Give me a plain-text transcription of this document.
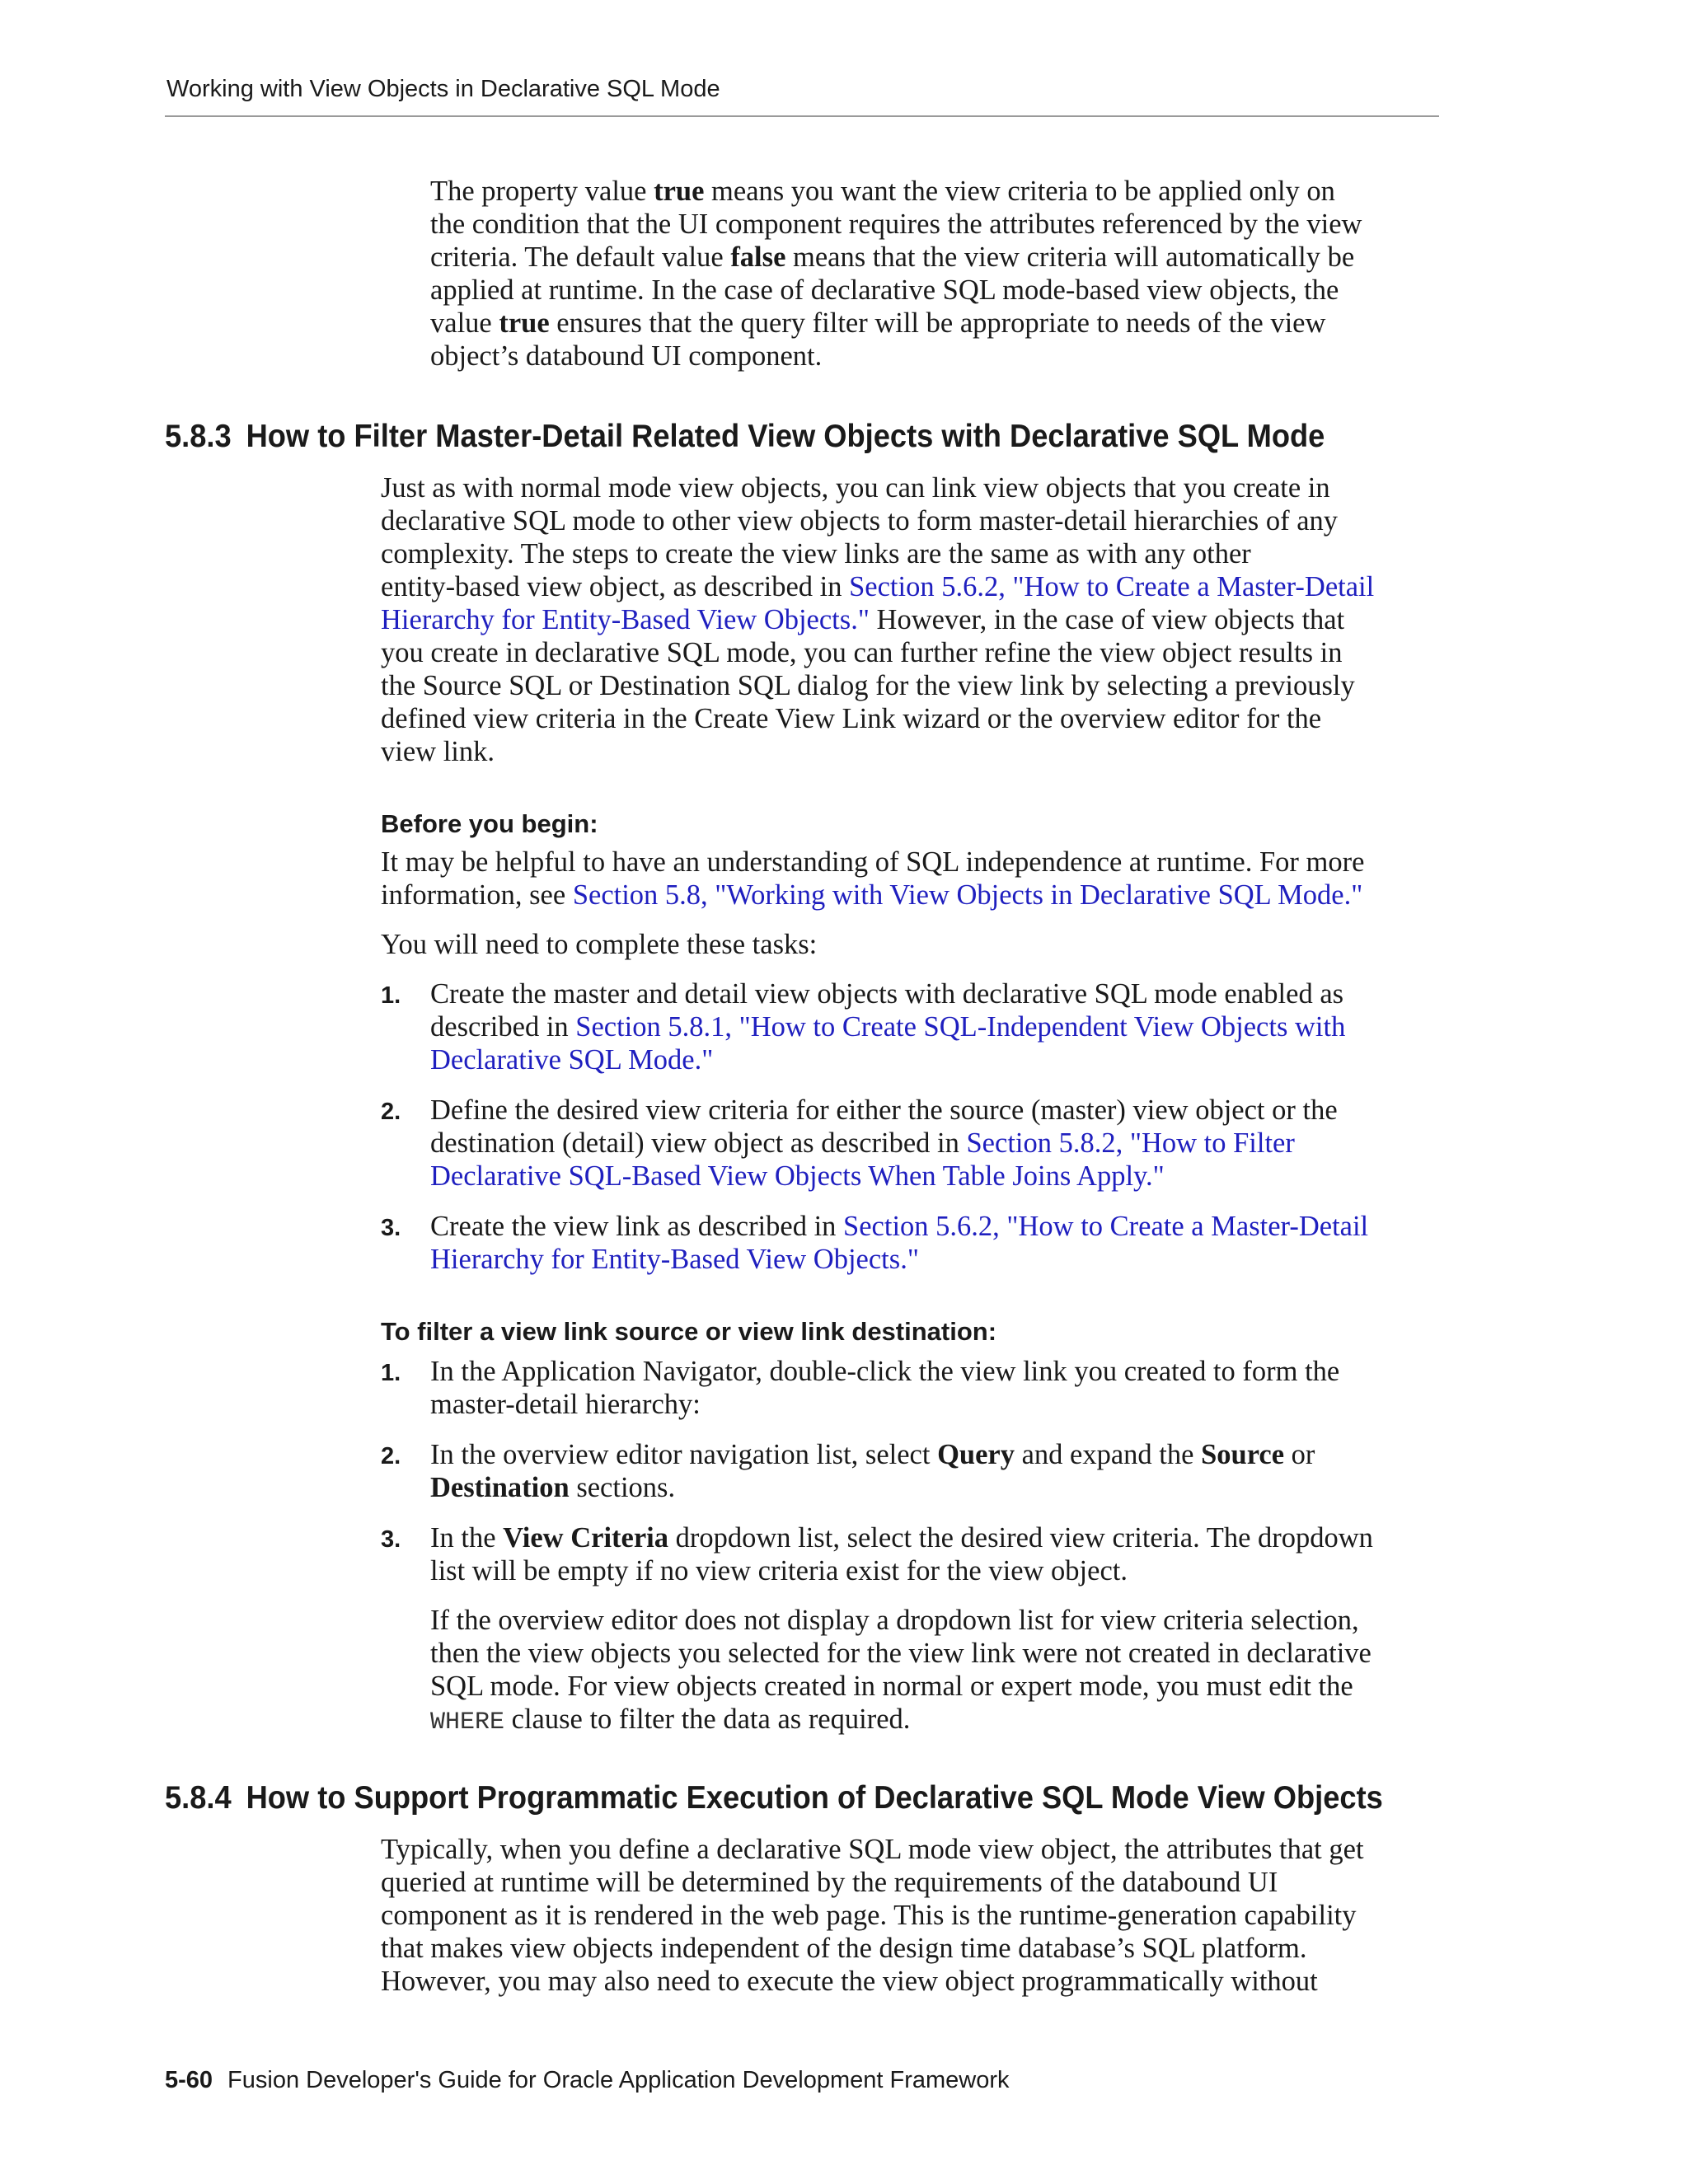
Working with View Objects in Declarative SQL Mode
The property value true means you want the view criteria to be applied only on
the condition that the UI component requires the attributes referenced by the view
criteria. The default value false means that the view criteria will automatically be
applied at runtime. In the case of declarative SQL mode-based view objects, the
value true ensures that the query filter will be appropriate to needs of the view
object’s databound UI component.
5.8.3 How to Filter Master-Detail Related View Objects with Declarative SQL Mode
Just as with normal mode view objects, you can link view objects that you create in
declarative SQL mode to other view objects to form master-detail hierarchies of any
complexity. The steps to create the view links are the same as with any other
entity-based view object, as described in Section 5.6.2, "How to Create a Master-Detail
Hierarchy for Entity-Based View Objects." However, in the case of view objects that
you create in declarative SQL mode, you can further refine the view object results in
the Source SQL or Destination SQL dialog for the view link by selecting a previously
defined view criteria in the Create View Link wizard or the overview editor for the
view link.
Before you begin:
It may be helpful to have an understanding of SQL independence at runtime. For more
information, see Section 5.8, "Working with View Objects in Declarative SQL Mode."
You will need to complete these tasks:
1. Create the master and detail view objects with declarative SQL mode enabled as
described in Section 5.8.1, "How to Create SQL-Independent View Objects with
Declarative SQL Mode."
2. Define the desired view criteria for either the source (master) view object or the
destination (detail) view object as described in Section 5.8.2, "How to Filter
Declarative SQL-Based View Objects When Table Joins Apply."
3. Create the view link as described in Section 5.6.2, "How to Create a Master-Detail
Hierarchy for Entity-Based View Objects."
To filter a view link source or view link destination:
1. In the Application Navigator, double-click the view link you created to form the
master-detail hierarchy:
2. In the overview editor navigation list, select Query and expand the Source or
Destination sections.
3. In the View Criteria dropdown list, select the desired view criteria. The dropdown
list will be empty if no view criteria exist for the view object.
If the overview editor does not display a dropdown list for view criteria selection,
then the view objects you selected for the view link were not created in declarative
SQL mode. For view objects created in normal or expert mode, you must edit the
WHERE clause to filter the data as required.
5.8.4 How to Support Programmatic Execution of Declarative SQL Mode View Objects
Typically, when you define a declarative SQL mode view object, the attributes that get
queried at runtime will be determined by the requirements of the databound UI
component as it is rendered in the web page. This is the runtime-generation capability
that makes view objects independent of the design time database’s SQL platform.
However, you may also need to execute the view object programmatically without
5-60 Fusion Developer's Guide for Oracle Application Development Framework
